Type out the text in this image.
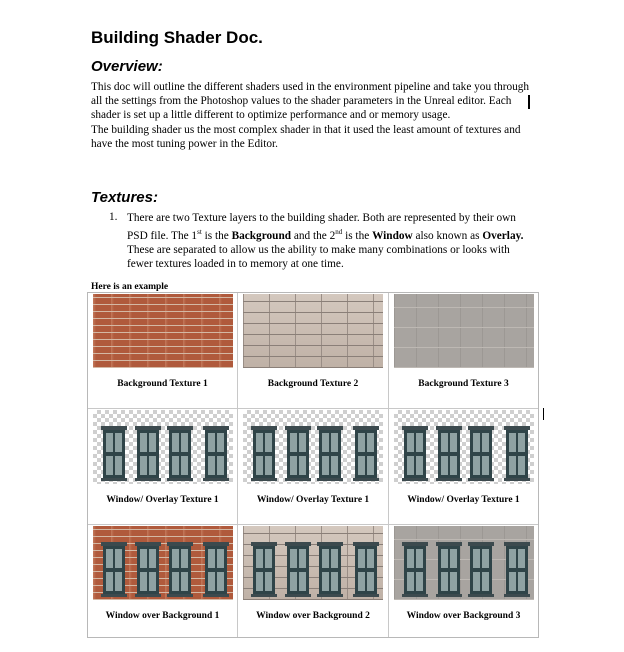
Building Shader Doc.
Overview:

This doc will outline the different shaders used in the environment pipeline and take you through all the settings from the Photoshop values to the shader parameters in the Unreal editor. Each shader is set up a little different to optimize performance and or memory usage.

The building shader us the most complex shader in that it used the least amount of textures and have the most tuning power in the Editor.

Textures:
1. There are two Texture layers to the building shader. Both are represented by their own PSD file. The 1st is the Background and the 2nd is the Window also known as Overlay. These are separated to allow us the ability to make many combinations or looks with fewer textures loaded in to memory at one time.
Here is an example
Background Texture 1	Background Texture 2	Background Texture 3
Window/ Overlay Texture 1	Window/ Overlay Texture 1	Window/ Overlay Texture 1
Window over Background 1	Window over Background 2	Window over Background 3
